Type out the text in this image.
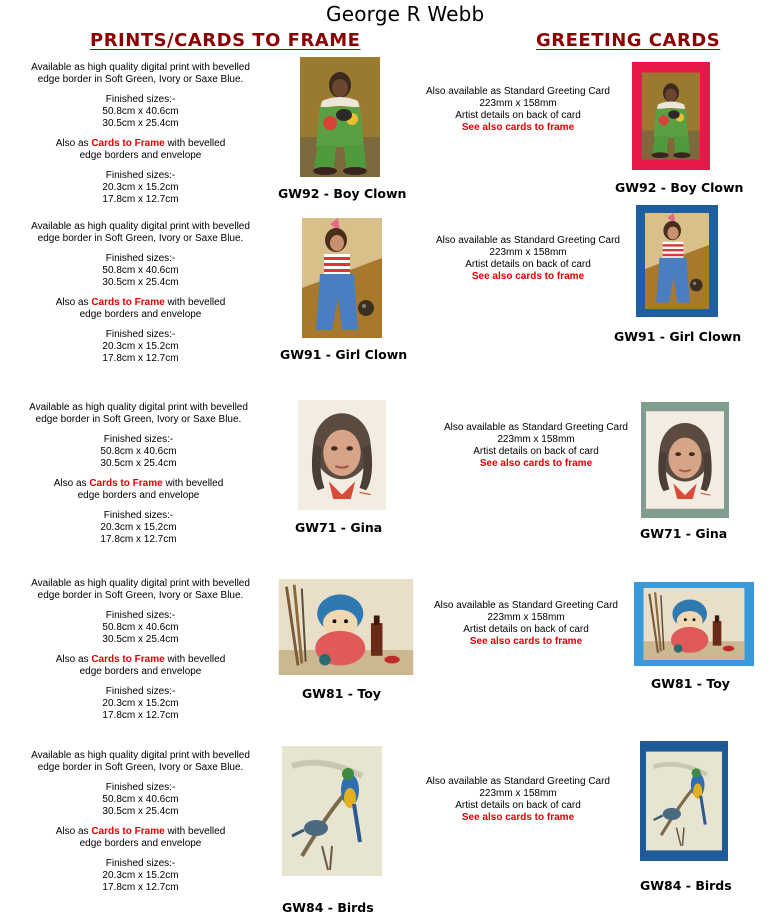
George R Webb
PRINTS/CARDS TO FRAME	GREETING CARDS

Available as high quality digital print with bevelled

edge border in Soft Green, Ivory or Saxe Blue.

Finished sizes:-

50.8cm x 40.6cm

30.5cm x 25.4cm

Also as Cards to Frame with bevelled

edge borders and envelope

Finished sizes:-

20.3cm x 15.2cm

17.8cm x 12.7cm	GW92 - Boy Clown

Also available as Standard Greeting Card

223mm x 158mm

Artist details on back of card

See also cards to frame

GW92 - Boy Clown

Available as high quality digital print with bevelled

edge border in Soft Green, Ivory or Saxe Blue.

Finished sizes:-

50.8cm x 40.6cm

30.5cm x 25.4cm

Also as Cards to Frame with bevelled

edge borders and envelope

Finished sizes:-

20.3cm x 15.2cm

17.8cm x 12.7cm	GW91 - Girl Clown

Also available as Standard Greeting Card

223mm x 158mm

Artist details on back of card

See also cards to frame

GW91 - Girl Clown

Available as high quality digital print with bevelled

edge border in Soft Green, Ivory or Saxe Blue.

Finished sizes:-

50.8cm x 40.6cm

30.5cm x 25.4cm

Also as Cards to Frame with bevelled

edge borders and envelope

Finished sizes:-

20.3cm x 15.2cm

17.8cm x 12.7cm

GW71 - Gina

Also available as Standard Greeting Card

223mm x 158mm

Artist details on back of card

See also cards to frame

GW71 - Gina

Available as high quality digital print with bevelled

edge border in Soft Green, Ivory or Saxe Blue.

Finished sizes:-

50.8cm x 40.6cm

30.5cm x 25.4cm

Also as Cards to Frame with bevelled

edge borders and envelope

Finished sizes:-

20.3cm x 15.2cm

17.8cm x 12.7cm

GW81 - Toy

Also available as Standard Greeting Card

223mm x 158mm

Artist details on back of card

See also cards to frame

GW81 - Toy

Available as high quality digital print with bevelled

edge border in Soft Green, Ivory or Saxe Blue.

Finished sizes:-

50.8cm x 40.6cm

30.5cm x 25.4cm

Also as Cards to Frame with bevelled

edge borders and envelope

Finished sizes:-

20.3cm x 15.2cm

17.8cm x 12.7cm

GW84 - Birds

Also available as Standard Greeting Card

223mm x 158mm

Artist details on back of card

See also cards to frame

GW84 - Birds
